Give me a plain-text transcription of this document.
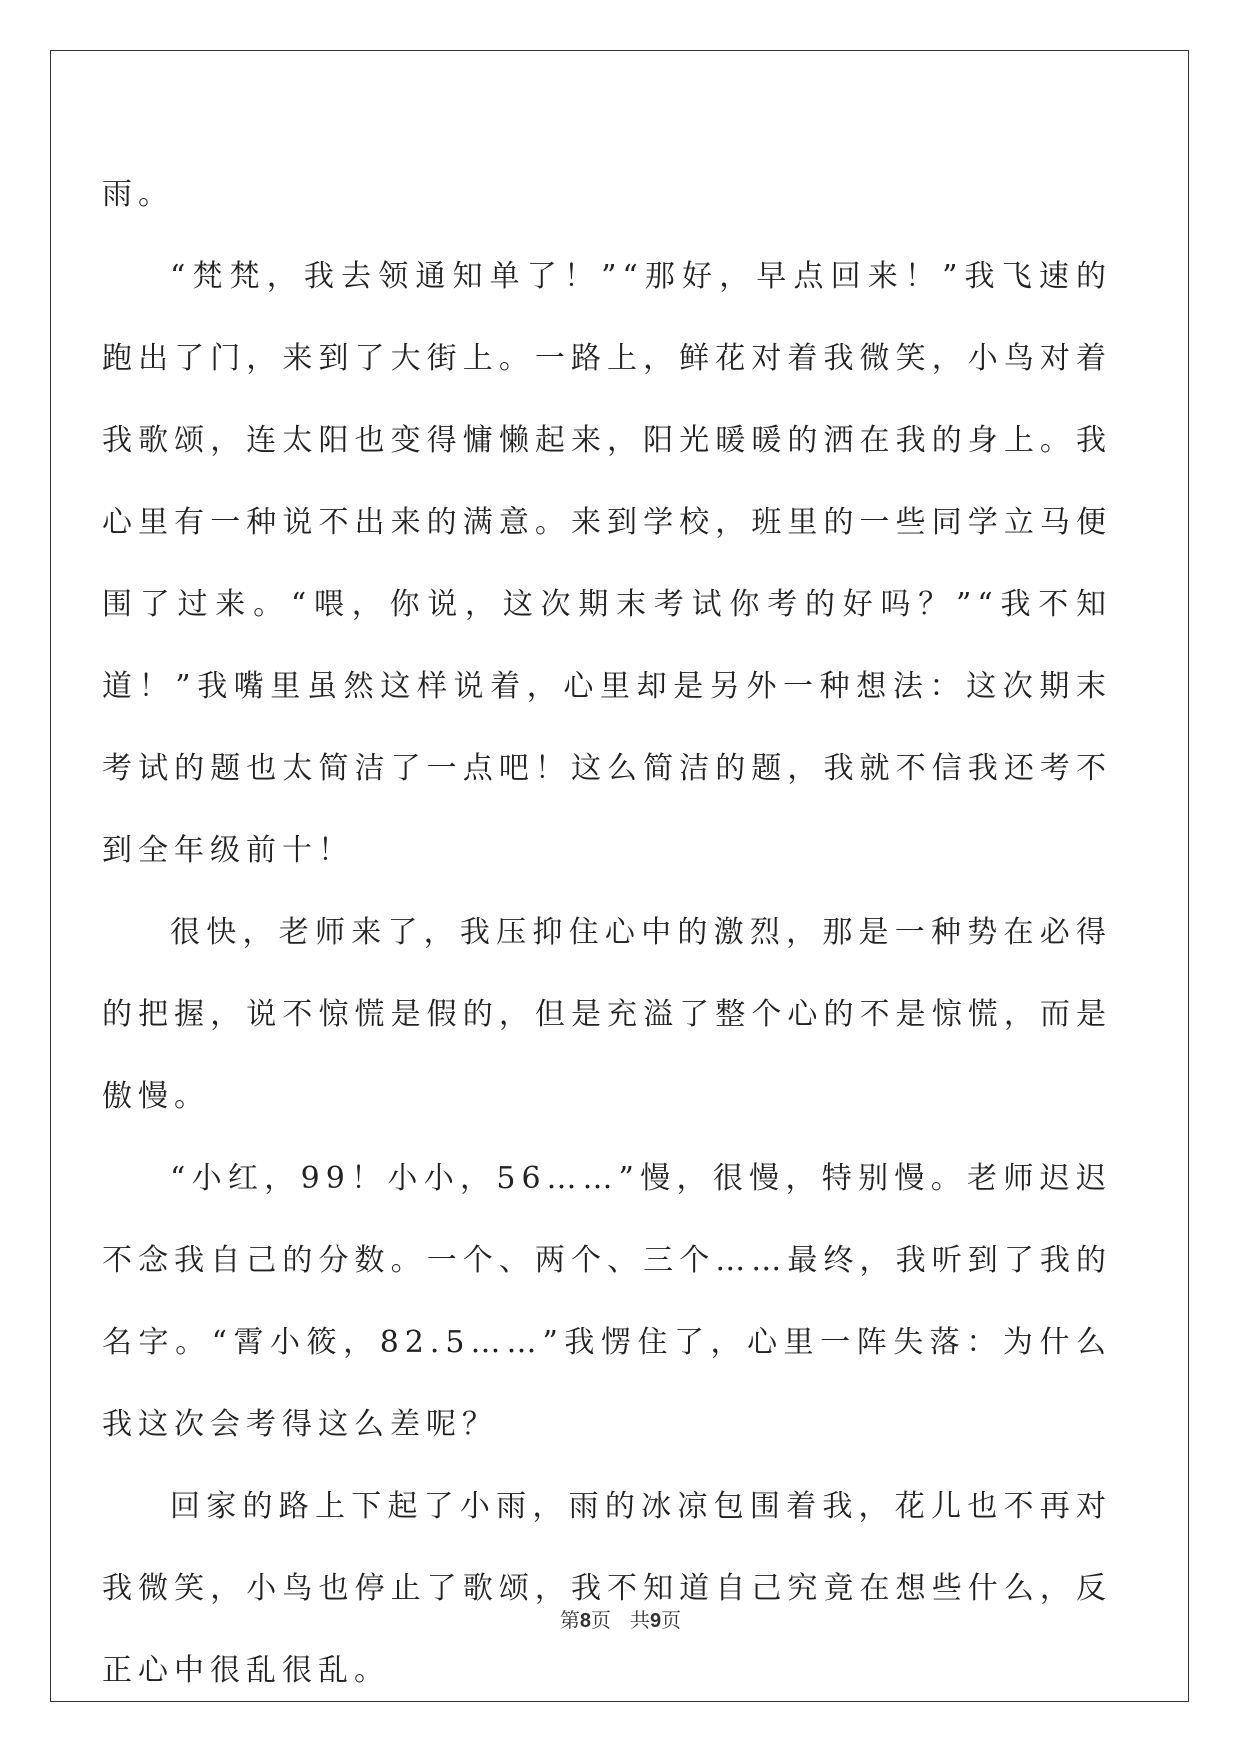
雨。

“梵梵，我去领通知单了！”“那好，早点回来！”我飞速的跑出了门，来到了大街上。一路上，鲜花对着我微笑，小鸟对着我歌颂，连太阳也变得慵懒起来，阳光暖暖的洒在我的身上。我心里有一种说不出来的满意。来到学校，班里的一些同学立马便围了过来。“喂，你说，这次期末考试你考的好吗？”“我不知道！”我嘴里虽然这样说着，心里却是另外一种想法：这次期末考试的题也太简洁了一点吧！这么简洁的题，我就不信我还考不到全年级前十！

很快，老师来了，我压抑住心中的激烈，那是一种势在必得的把握，说不惊慌是假的，但是充溢了整个心的不是惊慌，而是傲慢。

“小红，99！小小，56……”慢，很慢，特别慢。老师迟迟不念我自己的分数。一个、两个、三个……最终，我听到了我的名字。“霄小筱，82.5……”我愣住了，心里一阵失落：为什么我这次会考得这么差呢？

回家的路上下起了小雨，雨的冰凉包围着我，花儿也不再对我微笑，小鸟也停止了歌颂，我不知道自己究竟在想些什么，反正心中很乱很乱。

第8页 共9页
